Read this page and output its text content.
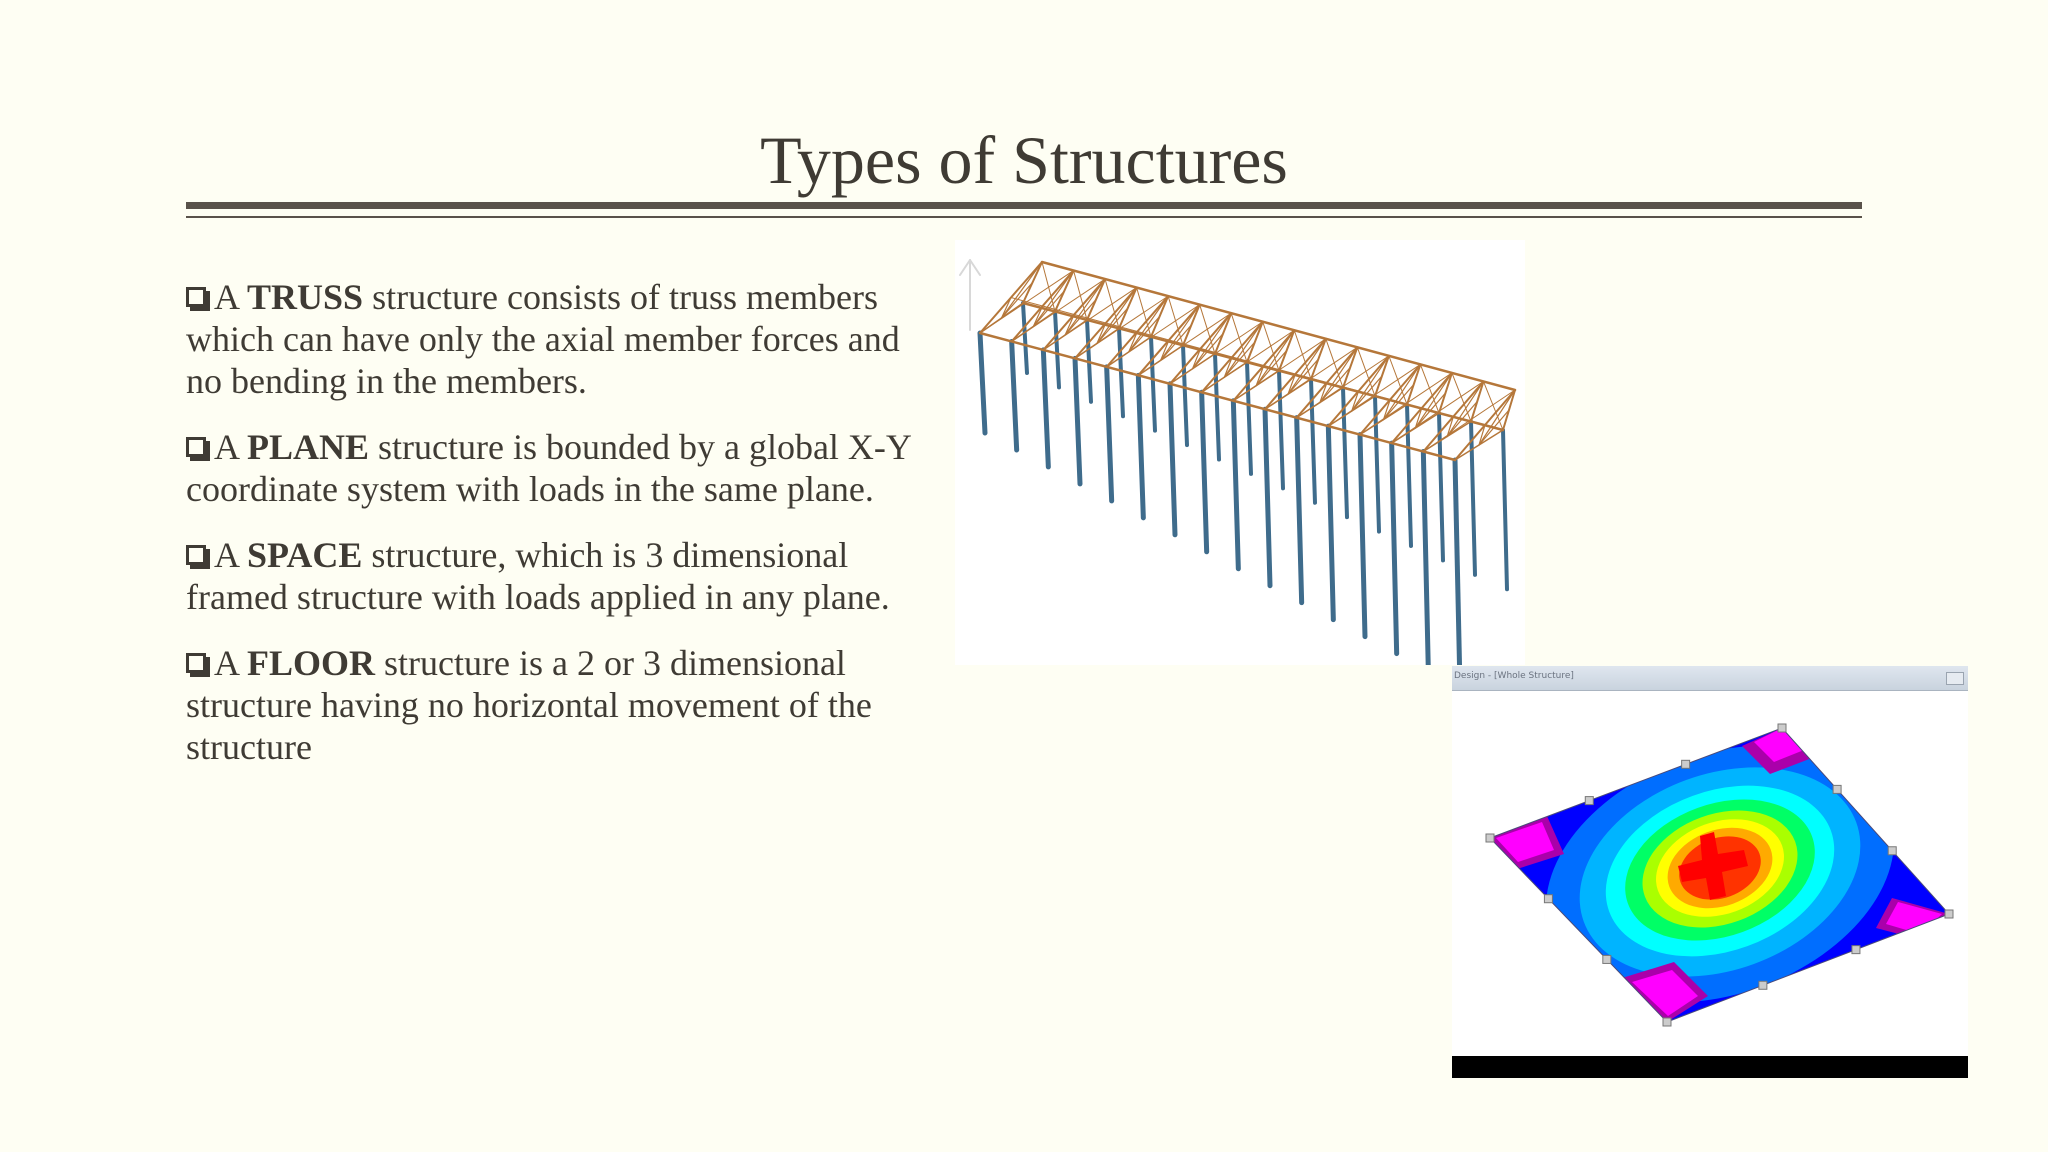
Types of Structures
A TRUSS structure consists of truss members which can have only the axial member forces and no bending in the members.
A PLANE structure is bounded by a global X-Y coordinate system with loads in the same plane.
A SPACE structure, which is 3 dimensional framed structure with loads applied in any plane.
A FLOOR structure is a 2 or 3 dimensional structure having no horizontal movement of the structure
Design - [Whole Structure]
